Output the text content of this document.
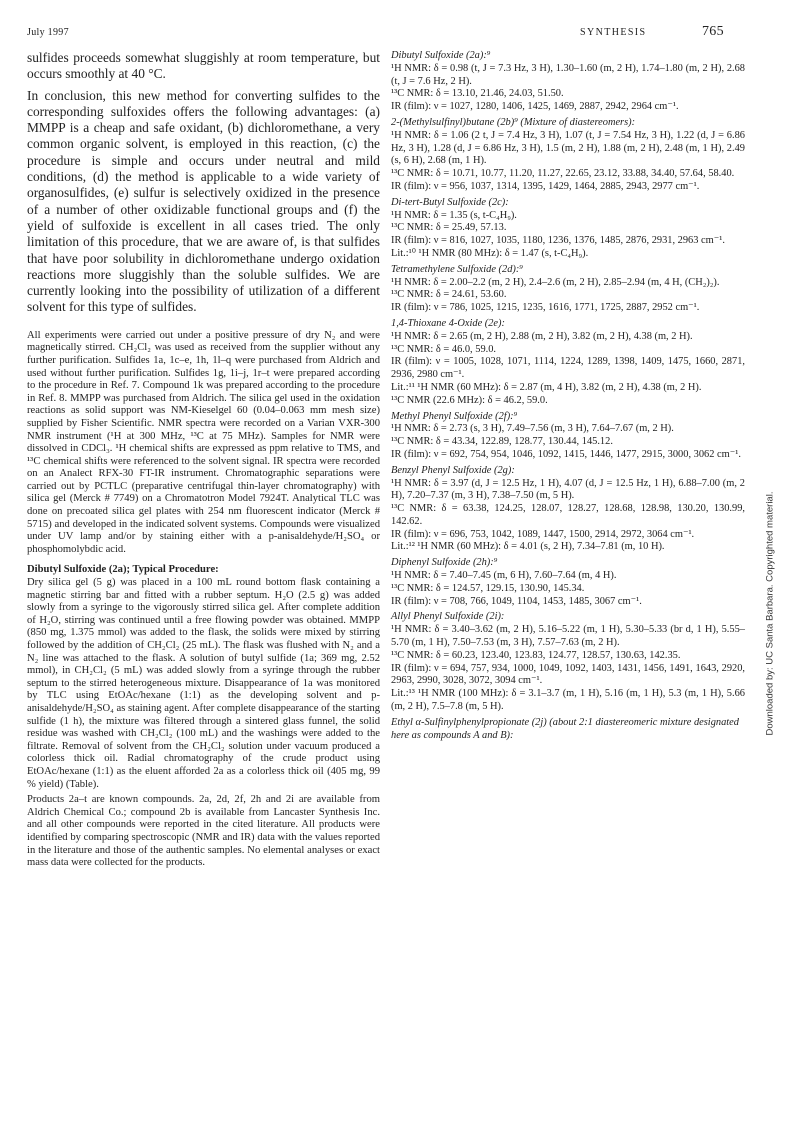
July 1997	SYNTHESIS	765

sulfides proceeds somewhat sluggishly at room temperature, but occurs smoothly at 40 °C.

In conclusion, this new method for converting sulfides to the corresponding sulfoxides offers the following advantages: (a) MMPP is a cheap and safe oxidant, (b) dichloromethane, a very common organic solvent, is employed in this reaction, (c) the procedure is simple and occurs under neutral and mild conditions, (d) the method is applicable to a wide variety of organosulfides, (e) sulfur is selectively oxidized in the presence of a number of other oxidizable functional groups and (f) the yield of sulfoxide is excellent in all cases tried. The only limitation of this procedure, that we are aware of, is that sulfides that have poor solubility in dichloromethane undergo oxidation reactions more sluggishly than the soluble sulfides. We are currently looking into the possibility of utilization of a different solvent for this type of sulfides.

All experiments were carried out under a positive pressure of dry N₂ and were magnetically stirred. CH₂Cl₂ was used as received from the supplier without any further purification. Sulfides 1a, 1c–e, 1h, 1l–q were purchased from Aldrich and used without further purification. Sulfides 1g, 1i–j, 1r–t were prepared according to the procedure in Ref. 7. Compound 1k was prepared according to the procedure in Ref. 8. MMPP was purchased from Aldrich. The silica gel used in the oxidation reactions as solid support was NM-Kieselgel 60 (0.04–0.063 mm mesh size) supplied by Fisher Scientific. NMR spectra were recorded on a Varian VXR-300 NMR instrument (¹H at 300 MHz, ¹³C at 75 MHz). Samples for NMR were dissolved in CDCl₃. ¹H chemical shifts are expressed as ppm relative to TMS, and ¹³C chemical shifts were referenced to the solvent signal. IR spectra were recorded on an Analect RFX-30 FT-IR instrument. Chromatographic separations were carried out by PCTLC (preparative centrifugal thin-layer chromatography) with silica gel (Merck # 7749) on a Chromatotron Model 7924T. Analytical TLC was done on precoated silica gel plates with 254 nm fluorescent indicator (Merck # 5715) and developed in the indicated solvent systems. Compounds were visualized under UV lamp and/or by staining either with a p-anisaldehyde/H₂SO₄ or phosphomolybdic acid.

Dibutyl Sulfoxide (2a); Typical Procedure:

Dry silica gel (5 g) was placed in a 100 mL round bottom flask containing a magnetic stirring bar and fitted with a rubber septum. H₂O (2.5 g) was added slowly from a syringe to the vigorously stirred silica gel. After complete addition of H₂O, stirring was continued until a free flowing powder was obtained. MMPP (850 mg, 1.375 mmol) was added to the flask, the solids were mixed by stirring followed by the addition of CH₂Cl₂ (25 mL). The flask was flushed with N₂ and a N₂ line was attached to the flask. A solution of butyl sulfide (1a; 369 mg, 2.52 mmol), in CH₂Cl₂ (5 mL) was added slowly from a syringe through the rubber septum to the stirred heterogeneous mixture. Disappearance of 1a was monitored by TLC using EtOAc/hexane (1:1) as the developing solvent and p-anisaldehyde/H₂SO₄ as staining agent. After complete disappearance of the starting sulfide (1 h), the mixture was filtered through a sintered glass funnel, the solid residue was washed with CH₂Cl₂ (100 mL) and the washings were added to the filtrate. Removal of solvent from the CH₂Cl₂ solution under vacuum produced a colorless thick oil. Radial chromatography of the crude product using EtOAc/hexane (1:1) as the eluent afforded 2a as a colorless thick oil (405 mg, 99 % yield) (Table).

Products 2a–t are known compounds. 2a, 2d, 2f, 2h and 2i are available from Aldrich Chemical Co.; compound 2b is available from Lancaster Synthesis Inc. and all other compounds were reported in the cited literature. All products were identified by comparing spectroscopic (NMR and IR) data with the values reported in the literature and those of the authentic samples. No elemental analyses or exact mass data were collected for the products.

Dibutyl Sulfoxide (2a):⁹
¹H NMR: δ = 0.98 (t, J = 7.3 Hz, 3 H), 1.30–1.60 (m, 2 H), 1.74–1.80 (m, 2 H), 2.68 (t, J = 7.6 Hz, 2 H).
¹³C NMR: δ = 13.10, 21.46, 24.03, 51.50.
IR (film): ν = 1027, 1280, 1406, 1425, 1469, 2887, 2942, 2964 cm⁻¹.
2-(Methylsulfinyl)butane (2b)⁹ (Mixture of diastereomers):
¹H NMR: δ = 1.06 (2 t, J = 7.4 Hz, 3 H), 1.07 (t, J = 7.54 Hz, 3 H), 1.22 (d, J = 6.86 Hz, 3 H), 1.28 (d, J = 6.86 Hz, 3 H), 1.5 (m, 2 H), 1.88 (m, 2 H), 2.48 (m, 1 H), 2.49 (s, 6 H), 2.68 (m, 1 H).
¹³C NMR: δ = 10.71, 10.77, 11.20, 11.27, 22.65, 23.12, 33.88, 34.40, 57.64, 58.40.
IR (film): ν = 956, 1037, 1314, 1395, 1429, 1464, 2885, 2943, 2977 cm⁻¹.
Di-tert-Butyl Sulfoxide (2c):
¹H NMR: δ = 1.35 (s, t-C₄H₉).
¹³C NMR: δ = 25.49, 57.13.
IR (film): ν = 816, 1027, 1035, 1180, 1236, 1376, 1485, 2876, 2931, 2963 cm⁻¹.
Lit.:¹⁰ ¹H NMR (80 MHz): δ = 1.47 (s, t-C₄H₉).
Tetramethylene Sulfoxide (2d):⁹
¹H NMR: δ = 2.00–2.2 (m, 2 H), 2.4–2.6 (m, 2 H), 2.85–2.94 (m, 4 H, (CH₂)₂).
¹³C NMR: δ = 24.61, 53.60.
IR (film): ν = 786, 1025, 1215, 1235, 1616, 1771, 1725, 2887, 2952 cm⁻¹.
1,4-Thioxane 4-Oxide (2e):
¹H NMR: δ = 2.65 (m, 2 H), 2.88 (m, 2 H), 3.82 (m, 2 H), 4.38 (m, 2 H).
¹³C NMR: δ = 46.0, 59.0.
IR (film): ν = 1005, 1028, 1071, 1114, 1224, 1289, 1398, 1409, 1475, 1660, 2871, 2936, 2980 cm⁻¹.
Lit.:¹¹ ¹H NMR (60 MHz): δ = 2.87 (m, 4 H), 3.82 (m, 2 H), 4.38 (m, 2 H).
¹³C NMR (22.6 MHz): δ = 46.2, 59.0.
Methyl Phenyl Sulfoxide (2f):⁹
¹H NMR: δ = 2.73 (s, 3 H), 7.49–7.56 (m, 3 H), 7.64–7.67 (m, 2 H).
¹³C NMR: δ = 43.34, 122.89, 128.77, 130.44, 145.12.
IR (film): ν = 692, 754, 954, 1046, 1092, 1415, 1446, 1477, 2915, 3000, 3062 cm⁻¹.
Benzyl Phenyl Sulfoxide (2g):
¹H NMR: δ = 3.97 (d, J = 12.5 Hz, 1 H), 4.07 (d, J = 12.5 Hz, 1 H), 6.88–7.00 (m, 2 H), 7.20–7.37 (m, 3 H), 7.38–7.50 (m, 5 H).
¹³C NMR: δ = 63.38, 124.25, 128.07, 128.27, 128.68, 128.98, 130.20, 130.99, 142.62.
IR (film): ν = 696, 753, 1042, 1089, 1447, 1500, 2914, 2972, 3064 cm⁻¹.
Lit.:¹² ¹H NMR (60 MHz): δ = 4.01 (s, 2 H), 7.34–7.81 (m, 10 H).
Diphenyl Sulfoxide (2h):⁹
¹H NMR: δ = 7.40–7.45 (m, 6 H), 7.60–7.64 (m, 4 H).
¹³C NMR: δ = 124.57, 129.15, 130.90, 145.34.
IR (film): ν = 708, 766, 1049, 1104, 1453, 1485, 3067 cm⁻¹.
Allyl Phenyl Sulfoxide (2i):
¹H NMR: δ = 3.40–3.62 (m, 2 H), 5.16–5.22 (m, 1 H), 5.30–5.33 (br d, 1 H), 5.55–5.70 (m, 1 H), 7.50–7.53 (m, 3 H), 7.57–7.63 (m, 2 H).
¹³C NMR: δ = 60.23, 123.40, 123.83, 124.77, 128.57, 130.63, 142.35.
IR (film): ν = 694, 757, 934, 1000, 1049, 1092, 1403, 1431, 1456, 1491, 1643, 2920, 2963, 2990, 3028, 3072, 3094 cm⁻¹.
Lit.:¹³ ¹H NMR (100 MHz): δ = 3.1–3.7 (m, 1 H), 5.16 (m, 1 H), 5.3 (m, 1 H), 5.66 (m, 2 H), 7.5–7.8 (m, 5 H).
Ethyl α-Sulfinylphenylpropionate (2j) (about 2:1 diastereomeric mixture designated here as compounds A and B):	Downloaded by: UC Santa Barbara. Copyrighted material.
